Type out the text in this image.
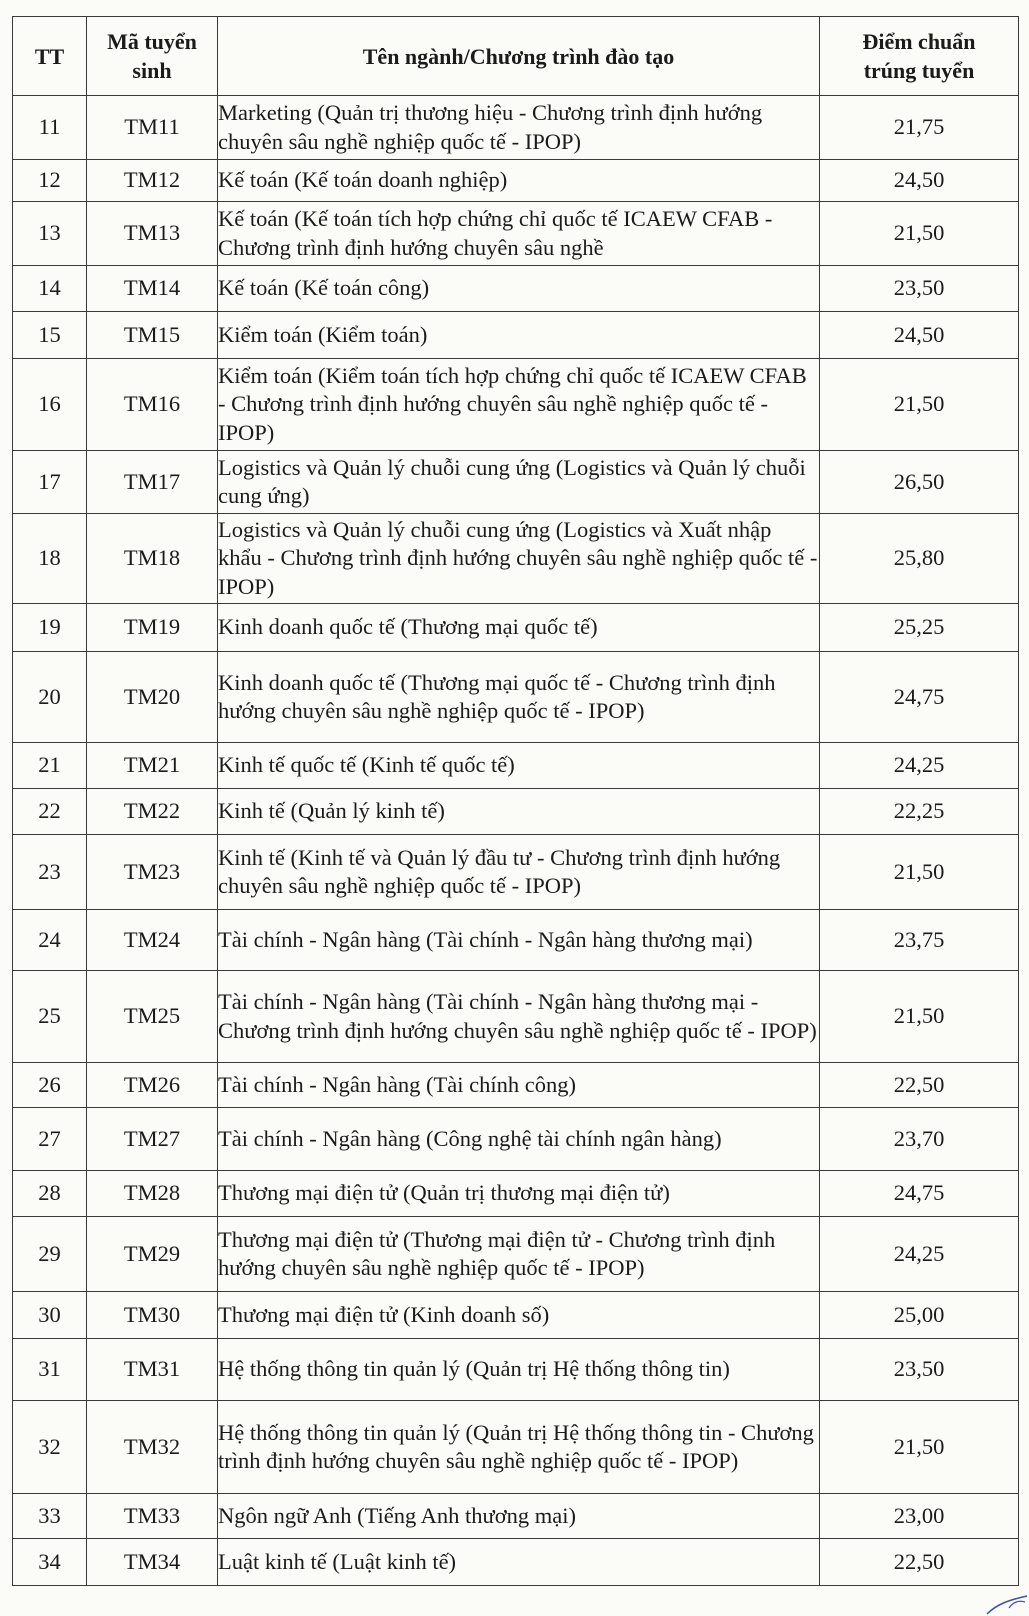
TT	Mã tuyển sinh	Tên ngành/Chương trình đào tạo	Điểm chuẩn trúng tuyển
11	TM11	Marketing (Quản trị thương hiệu - Chương trình định hướng chuyên sâu nghề nghiệp quốc tế - IPOP)	21,75
12	TM12	Kế toán (Kế toán doanh nghiệp)	24,50
13	TM13	Kế toán (Kế toán tích hợp chứng chỉ quốc tế ICAEW CFAB - Chương trình định hướng chuyên sâu nghề	21,50
14	TM14	Kế toán (Kế toán công)	23,50
15	TM15	Kiểm toán (Kiểm toán)	24,50
16	TM16	Kiểm toán (Kiểm toán tích hợp chứng chỉ quốc tế ICAEW CFAB - Chương trình định hướng chuyên sâu nghề nghiệp quốc tế - IPOP)	21,50
17	TM17	Logistics và Quản lý chuỗi cung ứng (Logistics và Quản lý chuỗi cung ứng)	26,50
18	TM18	Logistics và Quản lý chuỗi cung ứng (Logistics và Xuất nhập khẩu - Chương trình định hướng chuyên sâu nghề nghiệp quốc tế - IPOP)	25,80
19	TM19	Kinh doanh quốc tế (Thương mại quốc tế)	25,25
20	TM20	Kinh doanh quốc tế (Thương mại quốc tế - Chương trình định hướng chuyên sâu nghề nghiệp quốc tế - IPOP)	24,75
21	TM21	Kinh tế quốc tế (Kinh tế quốc tế)	24,25
22	TM22	Kinh tế (Quản lý kinh tế)	22,25
23	TM23	Kinh tế (Kinh tế và Quản lý đầu tư - Chương trình định hướng chuyên sâu nghề nghiệp quốc tế - IPOP)	21,50
24	TM24	Tài chính - Ngân hàng (Tài chính - Ngân hàng thương mại)	23,75
25	TM25	Tài chính - Ngân hàng (Tài chính - Ngân hàng thương mại - Chương trình định hướng chuyên sâu nghề nghiệp quốc tế - IPOP)	21,50
26	TM26	Tài chính - Ngân hàng (Tài chính công)	22,50
27	TM27	Tài chính - Ngân hàng (Công nghệ tài chính ngân hàng)	23,70
28	TM28	Thương mại điện tử (Quản trị thương mại điện tử)	24,75
29	TM29	Thương mại điện tử (Thương mại điện tử - Chương trình định hướng chuyên sâu nghề nghiệp quốc tế - IPOP)	24,25
30	TM30	Thương mại điện tử (Kinh doanh số)	25,00
31	TM31	Hệ thống thông tin quản lý (Quản trị Hệ thống thông tin)	23,50
32	TM32	Hệ thống thông tin quản lý (Quản trị Hệ thống thông tin - Chương trình định hướng chuyên sâu nghề nghiệp quốc tế - IPOP)	21,50
33	TM33	Ngôn ngữ Anh (Tiếng Anh thương mại)	23,00
34	TM34	Luật kinh tế (Luật kinh tế)	22,50
